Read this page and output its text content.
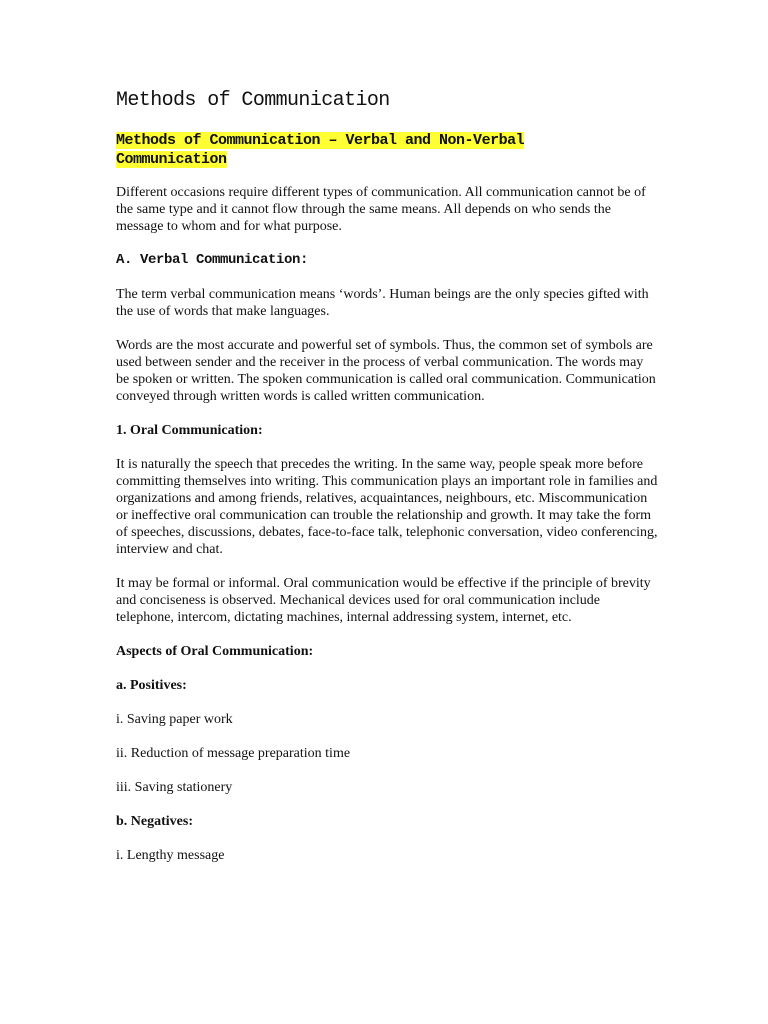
Methods of Communication
Methods of Communication – Verbal and Non-Verbal
Communication

Different occasions require different types of communication. All communication cannot be of the same type and it cannot flow through the same means. All depends on who sends the message to whom and for what purpose.

A. Verbal Communication:

The term verbal communication means ‘words’. Human beings are the only species gifted with the use of words that make languages.

Words are the most accurate and powerful set of symbols. Thus, the common set of symbols are used between sender and the receiver in the process of verbal communication. The words may be spoken or written. The spoken communication is called oral communication. Communication conveyed through written words is called written communication.

1. Oral Communication:

It is naturally the speech that precedes the writing. In the same way, people speak more before committing themselves into writing. This communication plays an important role in families and organizations and among friends, relatives, acquaintances, neighbours, etc. Miscommunication or ineffective oral communication can trouble the relationship and growth. It may take the form of speeches, discussions, debates, face-to-face talk, telephonic conversation, video conferencing, interview and chat.

It may be formal or informal. Oral communication would be effective if the principle of brevity and conciseness is observed. Mechanical devices used for oral communication include telephone, intercom, dictating machines, internal addressing system, internet, etc.

Aspects of Oral Communication:
a. Positives:
i. Saving paper work
ii. Reduction of message preparation time
iii. Saving stationery
b. Negatives:
i. Lengthy message
